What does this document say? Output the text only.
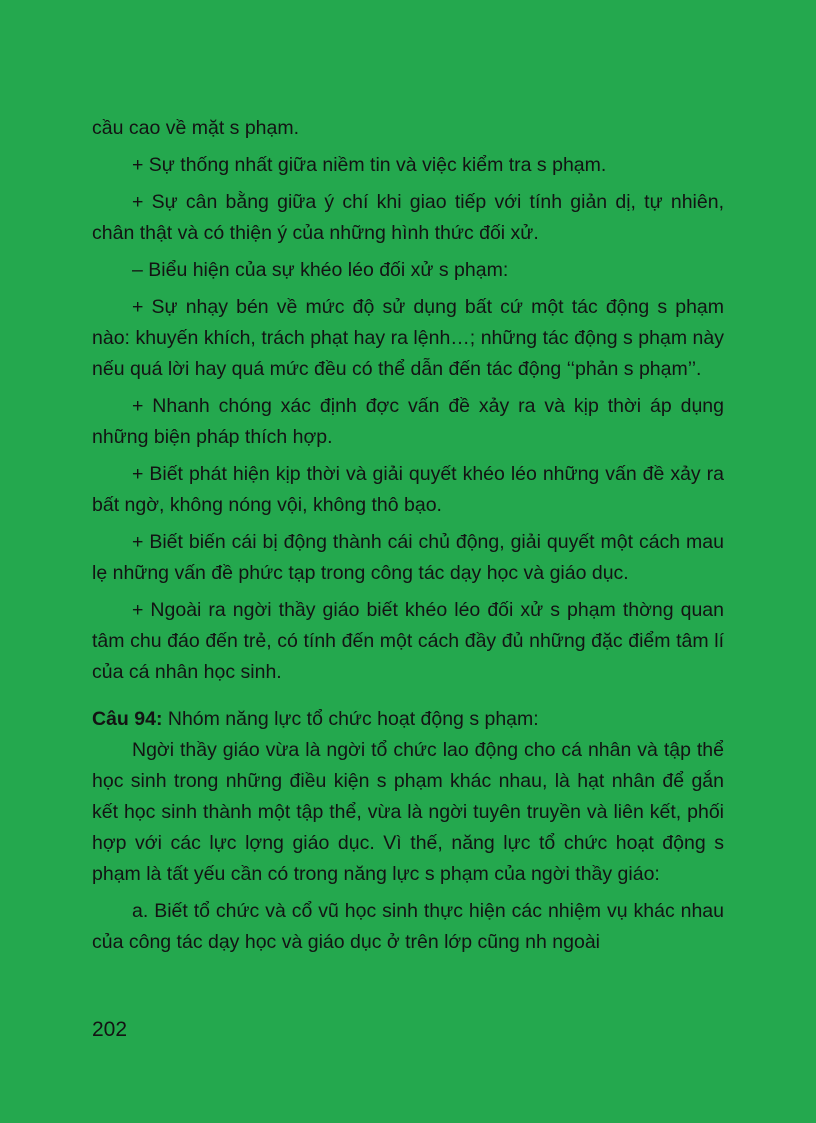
cầu cao về mặt s phạm.

+ Sự thống nhất giữa niềm tin và việc kiểm tra s phạm.

+ Sự cân bằng giữa ý chí khi giao tiếp với tính giản dị, tự nhiên, chân thật và có thiện ý của những hình thức đối xử.

– Biểu hiện của sự khéo léo đối xử s phạm:

+ Sự nhạy bén về mức độ sử dụng bất cứ một tác động s phạm nào: khuyến khích, trách phạt hay ra lệnh…; những tác động s phạm này nếu quá lời hay quá mức đều có thể dẫn đến tác động ‘‘phản s phạm’’.

+ Nhanh chóng xác định đợc vấn đề xảy ra và kịp thời áp dụng những biện pháp thích hợp.

+ Biết phát hiện kịp thời và giải quyết khéo léo những vấn đề xảy ra bất ngờ, không nóng vội, không thô bạo.

+ Biết biến cái bị động thành cái chủ động, giải quyết một cách mau lẹ những vấn đề phức tạp trong công tác dạy học và giáo dục.

+ Ngoài ra ngời thầy giáo biết khéo léo đối xử s phạm thờng quan tâm chu đáo đến trẻ, có tính đến một cách đầy đủ những đặc điểm tâm lí của cá nhân học sinh.

Câu 94: Nhóm năng lực tổ chức hoạt động s phạm:

Ngời thầy giáo vừa là ngời tổ chức lao động cho cá nhân và tập thể học sinh trong những điều kiện s phạm khác nhau, là hạt nhân để gắn kết học sinh thành một tập thể, vừa là ngời tuyên truyền và liên kết, phối hợp với các lực lợng giáo dục. Vì thế, năng lực tổ chức hoạt động s phạm là tất yếu cần có trong năng lực s phạm của ngời thầy giáo:

a. Biết tổ chức và cổ vũ học sinh thực hiện các nhiệm vụ khác nhau của công tác dạy học và giáo dục ở trên lớp cũng nh ngoài

202
